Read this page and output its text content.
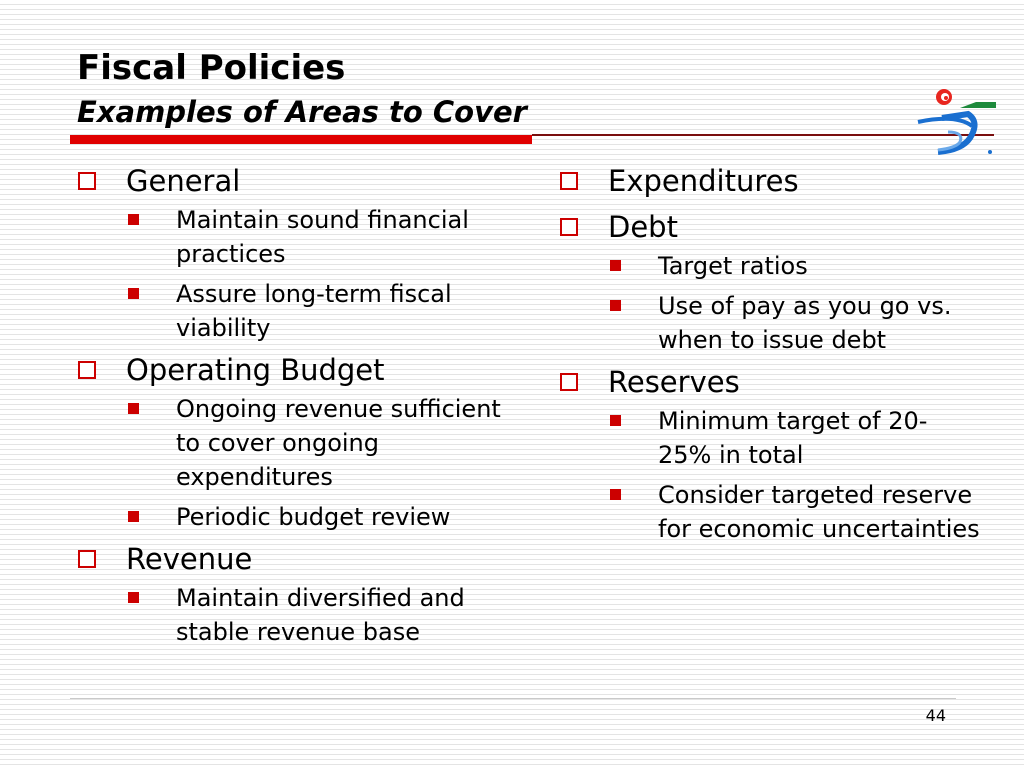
Fiscal Policies
Examples of Areas to Cover
General
Maintain sound financial practices
Assure long-term fiscal viability
Operating Budget
Ongoing revenue sufficient to cover ongoing expenditures
Periodic budget review
Revenue
Maintain diversified and stable revenue base
Expenditures
Debt
Target ratios
Use of pay as you go vs. when to issue debt
Reserves
Minimum target of 20-25% in total
Consider targeted reserve for economic uncertainties
44
